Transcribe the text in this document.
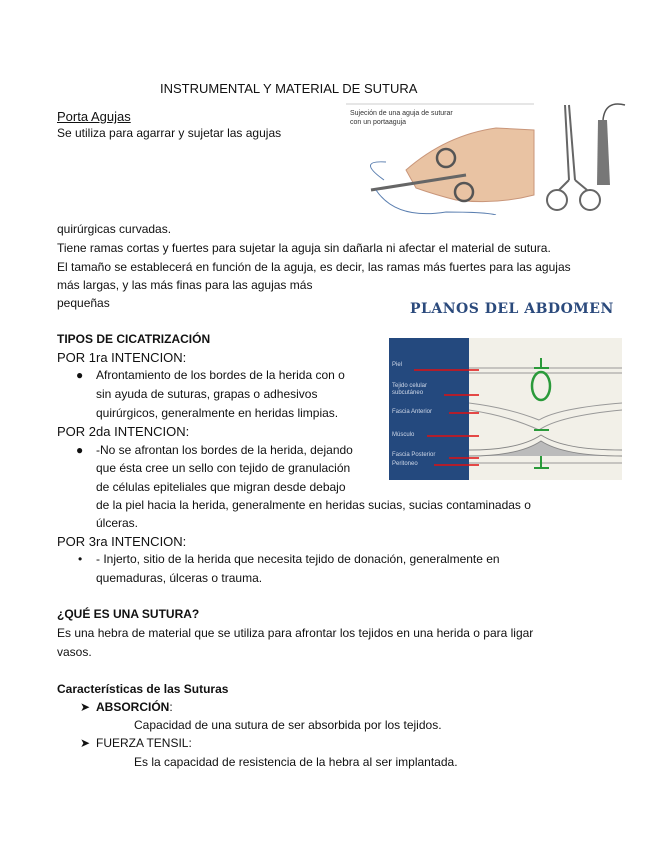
INSTRUMENTAL Y MATERIAL DE SUTURA
Porta Agujas
Se utiliza para agarrar y sujetar las agujas
Sujeción de una aguja de suturar con un portaaguja
quirúrgicas curvadas.
Tiene ramas cortas y fuertes para sujetar la aguja sin dañarla ni afectar el material de sutura.
El tamaño se establecerá en función de la aguja, es decir, las ramas más fuertes para las agujas
más largas, y las más finas para las agujas más
pequeñas	PLANOS DEL ABDOMEN
Piel
Tejido celular subcutáneo
Fascia Anterior
Músculo
Fascia Posterior
Peritoneo
TIPOS DE CICATRIZACIÓN
POR 1ra INTENCION:
● Afrontamiento de los bordes de la herida con o
sin ayuda de suturas, grapas o adhesivos
quirúrgicos, generalmente en heridas limpias.
POR 2da INTENCION:
● -No se afrontan los bordes de la herida, dejando
que ésta cree un sello con tejido de granulación
de células epiteliales que migran desde debajo
de la piel hacia la herida, generalmente en heridas sucias, sucias contaminadas o
úlceras.
POR 3ra INTENCION:
• - Injerto, sitio de la herida que necesita tejido de donación, generalmente en
quemaduras, úlceras o trauma.
¿QUÉ ES UNA SUTURA?
Es una hebra de material que se utiliza para afrontar los tejidos en una herida o para ligar
vasos.
Características de las Suturas
➤ ABSORCIÓN:
Capacidad de una sutura de ser absorbida por los tejidos.
➤ FUERZA TENSIL:
Es la capacidad de resistencia de la hebra al ser implantada.
